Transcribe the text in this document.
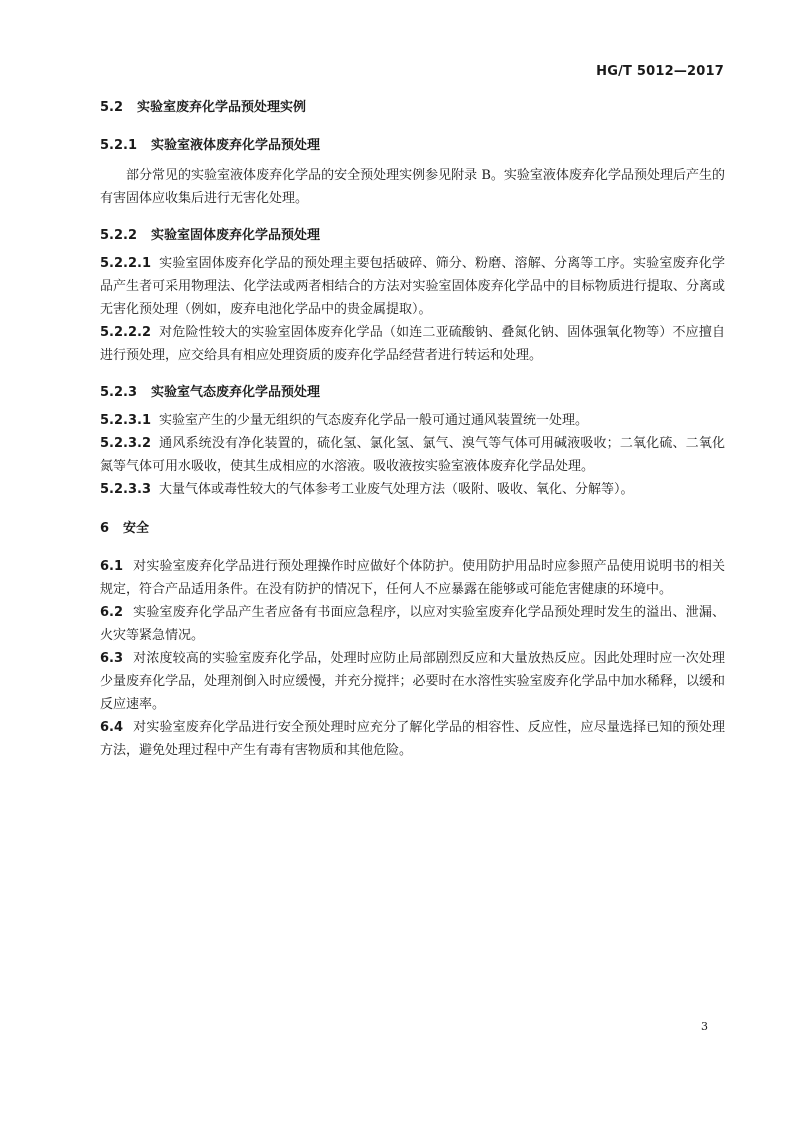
HG/T 5012—2017

5.2 实验室废弃化学品预处理实例
5.2.1 实验室液体废弃化学品预处理

部分常见的实验室液体废弃化学品的安全预处理实例参见附录 B。实验室液体废弃化学品预处理后产生的有害固体应收集后进行无害化处理。

5.2.2 实验室固体废弃化学品预处理

5.2.2.1 实验室固体废弃化学品的预处理主要包括破碎、筛分、粉磨、溶解、分离等工序。实验室废弃化学品产生者可采用物理法、化学法或两者相结合的方法对实验室固体废弃化学品中的目标物质进行提取、分离或无害化预处理（例如，废弃电池化学品中的贵金属提取）。

5.2.2.2 对危险性较大的实验室固体废弃化学品（如连二亚硫酸钠、叠氮化钠、固体强氧化物等）不应擅自进行预处理，应交给具有相应处理资质的废弃化学品经营者进行转运和处理。

5.2.3 实验室气态废弃化学品预处理

5.2.3.1 实验室产生的少量无组织的气态废弃化学品一般可通过通风装置统一处理。

5.2.3.2 通风系统没有净化装置的，硫化氢、氯化氢、氯气、溴气等气体可用碱液吸收；二氧化硫、二氧化氮等气体可用水吸收，使其生成相应的水溶液。吸收液按实验室液体废弃化学品处理。

5.2.3.3 大量气体或毒性较大的气体参考工业废气处理方法（吸附、吸收、氧化、分解等）。

6 安全

6.1 对实验室废弃化学品进行预处理操作时应做好个体防护。使用防护用品时应参照产品使用说明书的相关规定，符合产品适用条件。在没有防护的情况下，任何人不应暴露在能够或可能危害健康的环境中。

6.2 实验室废弃化学品产生者应备有书面应急程序，以应对实验室废弃化学品预处理时发生的溢出、泄漏、火灾等紧急情况。

6.3 对浓度较高的实验室废弃化学品，处理时应防止局部剧烈反应和大量放热反应。因此处理时应一次处理少量废弃化学品，处理剂倒入时应缓慢，并充分搅拌；必要时在水溶性实验室废弃化学品中加水稀释，以缓和反应速率。

6.4 对实验室废弃化学品进行安全预处理时应充分了解化学品的相容性、反应性，应尽量选择已知的预处理方法，避免处理过程中产生有毒有害物质和其他危险。

3
